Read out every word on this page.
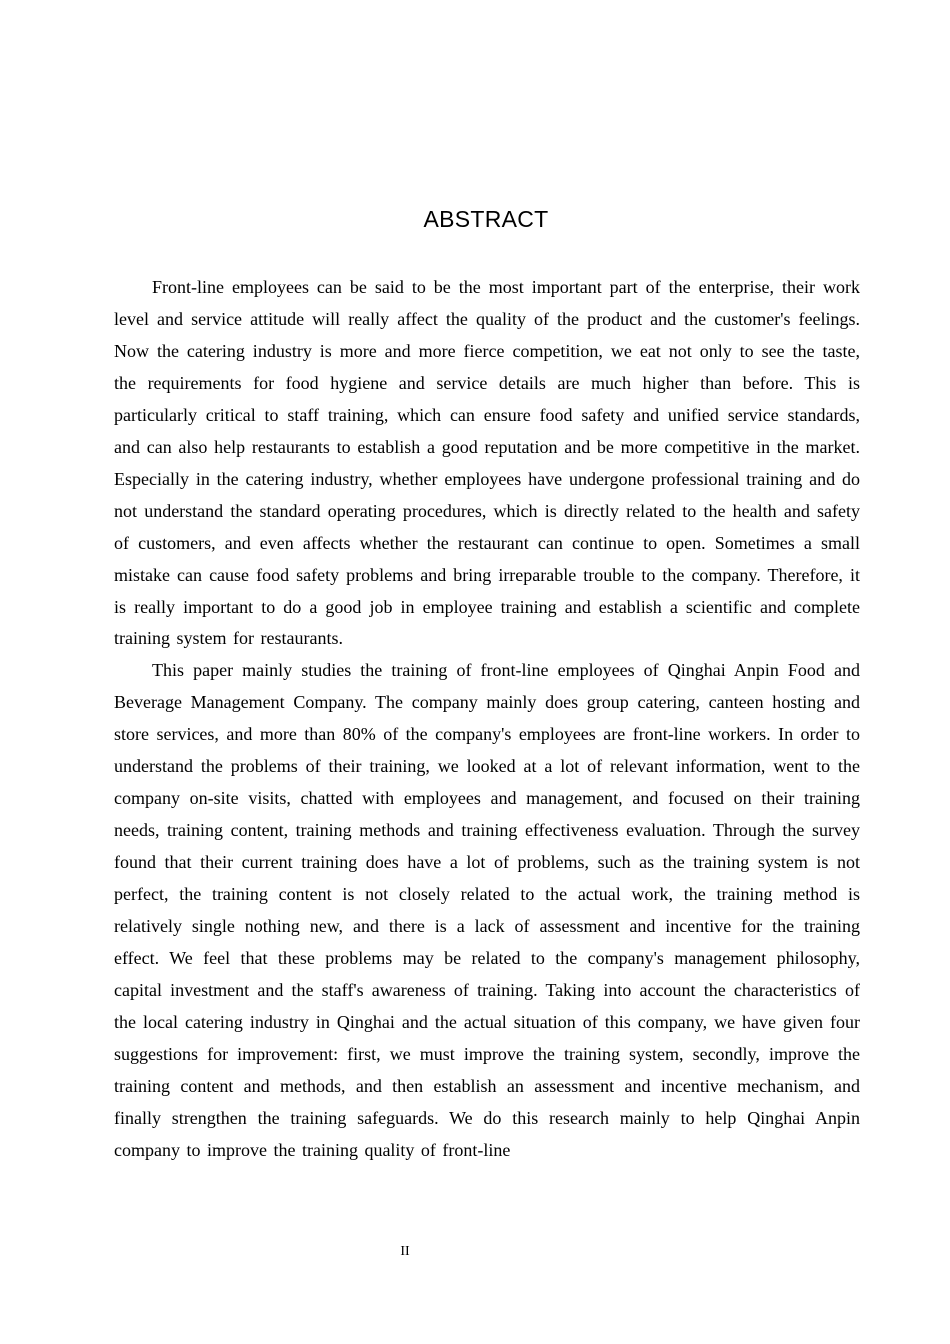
ABSTRACT

Front-line employees can be said to be the most important part of the enterprise, their work level and service attitude will really affect the quality of the product and the customer's feelings. Now the catering industry is more and more fierce competition, we eat not only to see the taste, the requirements for food hygiene and service details are much higher than before. This is particularly critical to staff training, which can ensure food safety and unified service standards, and can also help restaurants to establish a good reputation and be more competitive in the market. Especially in the catering industry, whether employees have undergone professional training and do not understand the standard operating procedures, which is directly related to the health and safety of customers, and even affects whether the restaurant can continue to open. Sometimes a small mistake can cause food safety problems and bring irreparable trouble to the company. Therefore, it is really important to do a good job in employee training and establish a scientific and complete training system for restaurants.

This paper mainly studies the training of front-line employees of Qinghai Anpin Food and Beverage Management Company. The company mainly does group catering, canteen hosting and store services, and more than 80% of the company's employees are front-line workers. In order to understand the problems of their training, we looked at a lot of relevant information, went to the company on-site visits, chatted with employees and management, and focused on their training needs, training content, training methods and training effectiveness evaluation. Through the survey found that their current training does have a lot of problems, such as the training system is not perfect, the training content is not closely related to the actual work, the training method is relatively single nothing new, and there is a lack of assessment and incentive for the training effect. We feel that these problems may be related to the company's management philosophy, capital investment and the staff's awareness of training. Taking into account the characteristics of the local catering industry in Qinghai and the actual situation of this company, we have given four suggestions for improvement: first, we must improve the training system, secondly, improve the training content and methods, and then establish an assessment and incentive mechanism, and finally strengthen the training safeguards. We do this research mainly to help Qinghai Anpin company to improve the training quality of front-line

II
